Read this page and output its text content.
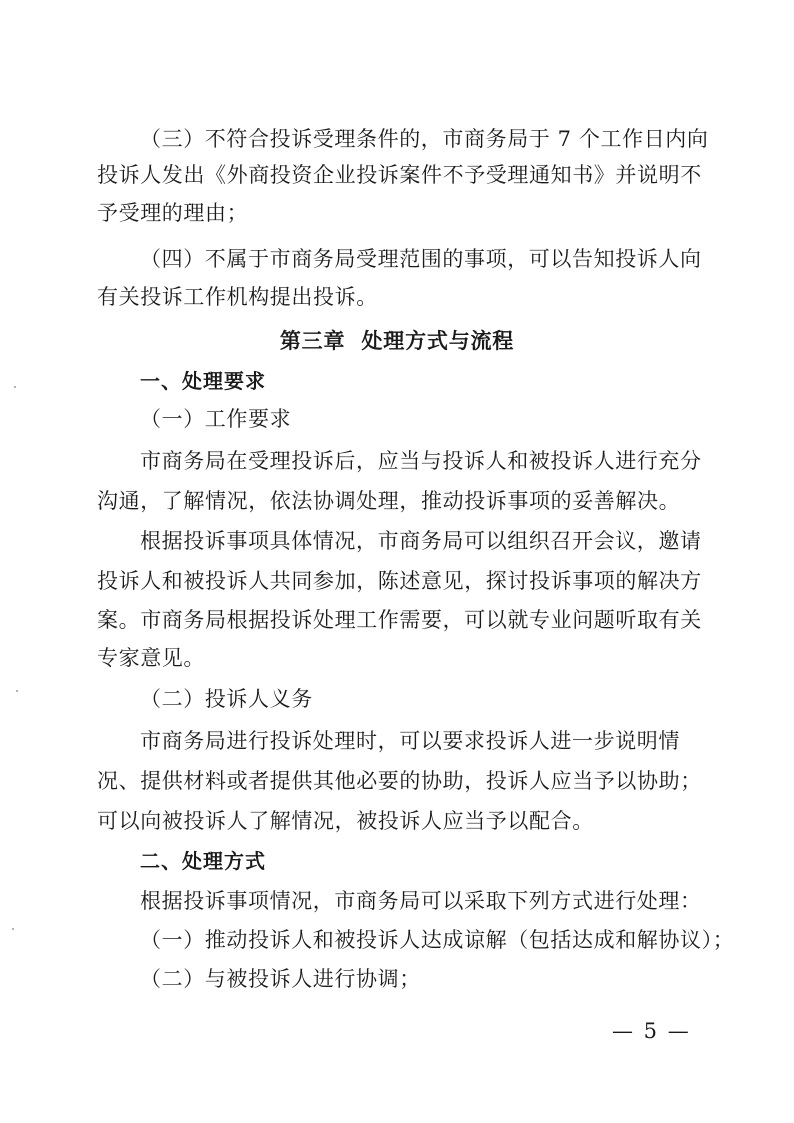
（三）不符合投诉受理条件的，市商务局于 7 个工作日内向
投诉人发出《外商投资企业投诉案件不予受理通知书》并说明不
予受理的理由；
（四）不属于市商务局受理范围的事项，可以告知投诉人向
有关投诉工作机构提出投诉。
第三章  处理方式与流程
一、处理要求
（一）工作要求
市商务局在受理投诉后，应当与投诉人和被投诉人进行充分
沟通，了解情况，依法协调处理，推动投诉事项的妥善解决。
根据投诉事项具体情况，市商务局可以组织召开会议，邀请
投诉人和被投诉人共同参加，陈述意见，探讨投诉事项的解决方
案。市商务局根据投诉处理工作需要，可以就专业问题听取有关
专家意见。
（二）投诉人义务
市商务局进行投诉处理时，可以要求投诉人进一步说明情
况、提供材料或者提供其他必要的协助，投诉人应当予以协助；
可以向被投诉人了解情况，被投诉人应当予以配合。
二、处理方式
根据投诉事项情况，市商务局可以采取下列方式进行处理：
（一）推动投诉人和被投诉人达成谅解（包括达成和解协议）；
（二）与被投诉人进行协调；
— 5 —
